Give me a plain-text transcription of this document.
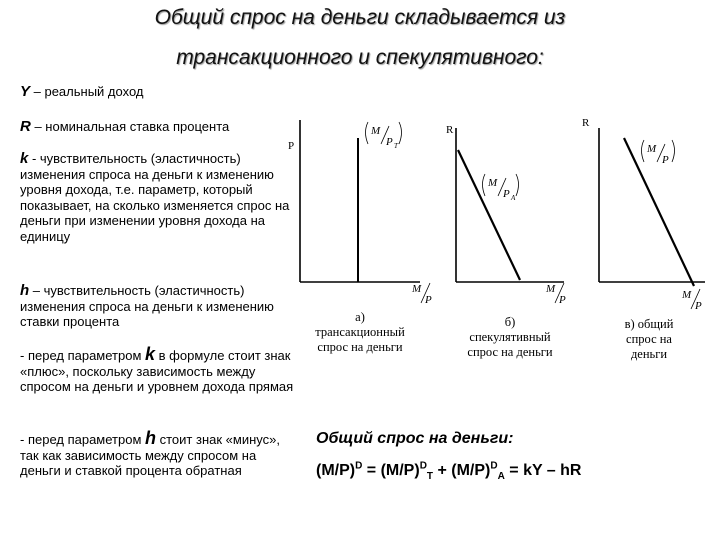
Общий спрос на деньги складывается из
трансакционного и спекулятивного:
Y – реальный доход
R – номинальная ставка процента
k - чувствительность (эластичность) изменения спроса на деньги к изменению уровня дохода, т.е. параметр, который показывает, на сколько изменяется спрос на деньги при изменении уровня дохода на единицу
h – чувствительность (эластичность) изменения спроса на деньги к изменению ставки процента
- перед параметром k в формуле стоит знак «плюс», поскольку зависимость между спросом на деньги и уровнем дохода прямая
- перед параметром h стоит знак «минус», так как зависимость между спросом на деньги и ставкой процента обратная
P
M
P T
M
P
R
M
P A
M
P
R
M
P
M
P
а)
трансакционный
спрос на деньги
б)
спекулятивный
спрос на деньги
в) общий
спрос на
деньги
Общий спрос на деньги:
$(M/P)^D = (M/P)^D_T + (M/P)^D_A$ = kY – hR
